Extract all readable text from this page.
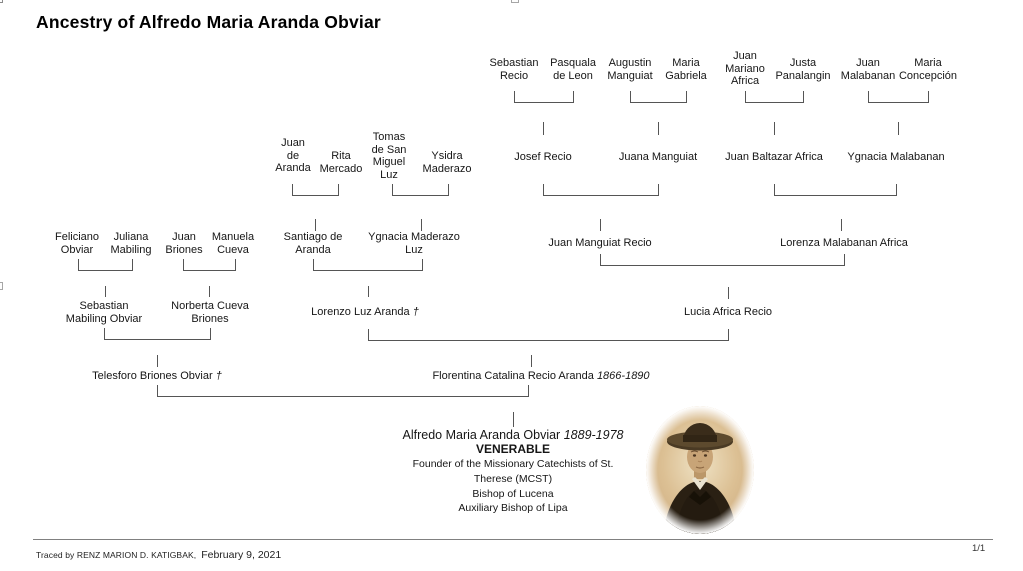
Ancestry of Alfredo Maria Aranda Obviar
Sebastian
Recio
Pasquala
de Leon
Augustin
Manguiat
Maria
Gabriela
Juan
Mariano
Africa
Justa
Panalangin
Juan
Malabanan
Maria
Concepción
Juan
de
Aranda
Rita
Mercado
Tomas
de San
Miguel
Luz
Ysidra
Maderazo
Josef Recio	Juana Manguiat	Juan Baltazar Africa Ygnacia Malabanan
Feliciano
Obviar
Juliana
Mabiling
Juan
Briones
Manuela
Cueva
Santiago de
Aranda
Ygnacia Maderazo
Luz
Juan Manguiat Recio	Lorenza Malabanan Africa
Sebastian
Mabiling Obviar
Norberta Cueva
Briones
Lorenzo Luz Aranda †	Lucia Africa Recio
Telesforo Briones Obviar †	Florentina Catalina Recio Aranda 1866-1890
Alfredo Maria Aranda Obviar 1889-1978
VENERABLE
Founder of the Missionary Catechists of St.
Therese (MCST)
Bishop of Lucena
Auxiliary Bishop of Lipa
Traced by RENZ MARION D. KATIGBAK, February 9, 2021
1/1
